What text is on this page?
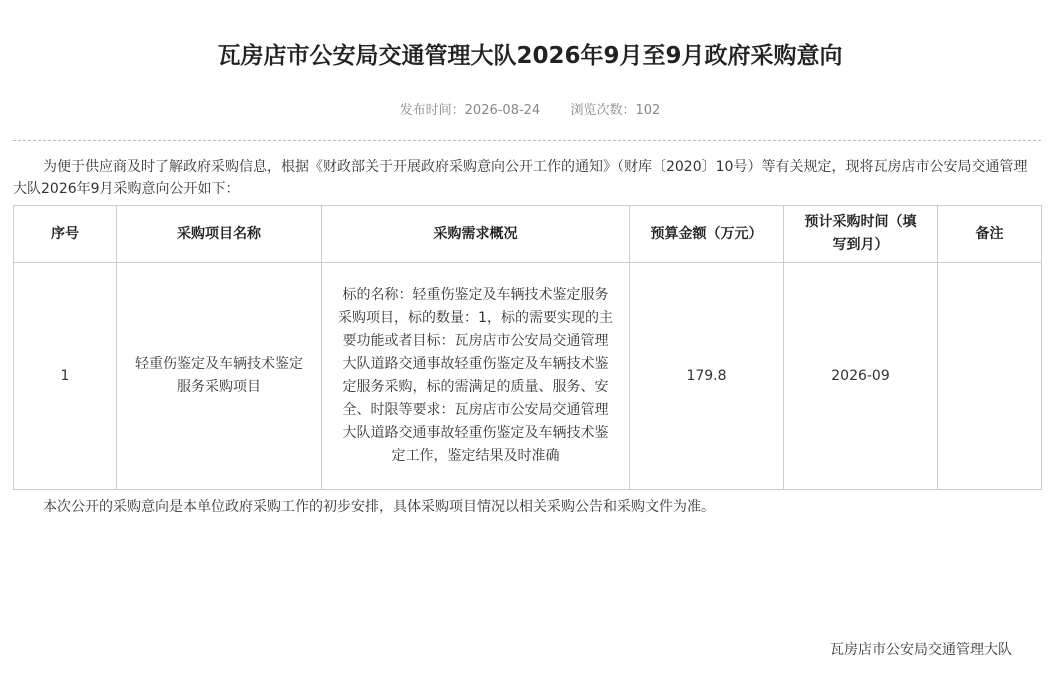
瓦房店市公安局交通管理大队2026年9月至9月政府采购意向
发布时间：2026-08-24 浏览次数：102
为便于供应商及时了解政府采购信息，根据《财政部关于开展政府采购意向公开工作的通知》（财库〔2020〕10号）等有关规定，现将瓦房店市公安局交通管理大队2026年9月采购意向公开如下：
序号	采购项目名称	采购需求概况	预算金额（万元）	预计采购时间（填写到月）	备注
1	轻重伤鉴定及车辆技术鉴定服务采购项目	标的名称：轻重伤鉴定及车辆技术鉴定服务采购项目，标的数量：1，标的需要实现的主要功能或者目标：瓦房店市公安局交通管理大队道路交通事故轻重伤鉴定及车辆技术鉴定服务采购，标的需满足的质量、服务、安全、时限等要求：瓦房店市公安局交通管理大队道路交通事故轻重伤鉴定及车辆技术鉴定工作，鉴定结果及时准确	179.8	2026-09	
本次公开的采购意向是本单位政府采购工作的初步安排，具体采购项目情况以相关采购公告和采购文件为准。
瓦房店市公安局交通管理大队
